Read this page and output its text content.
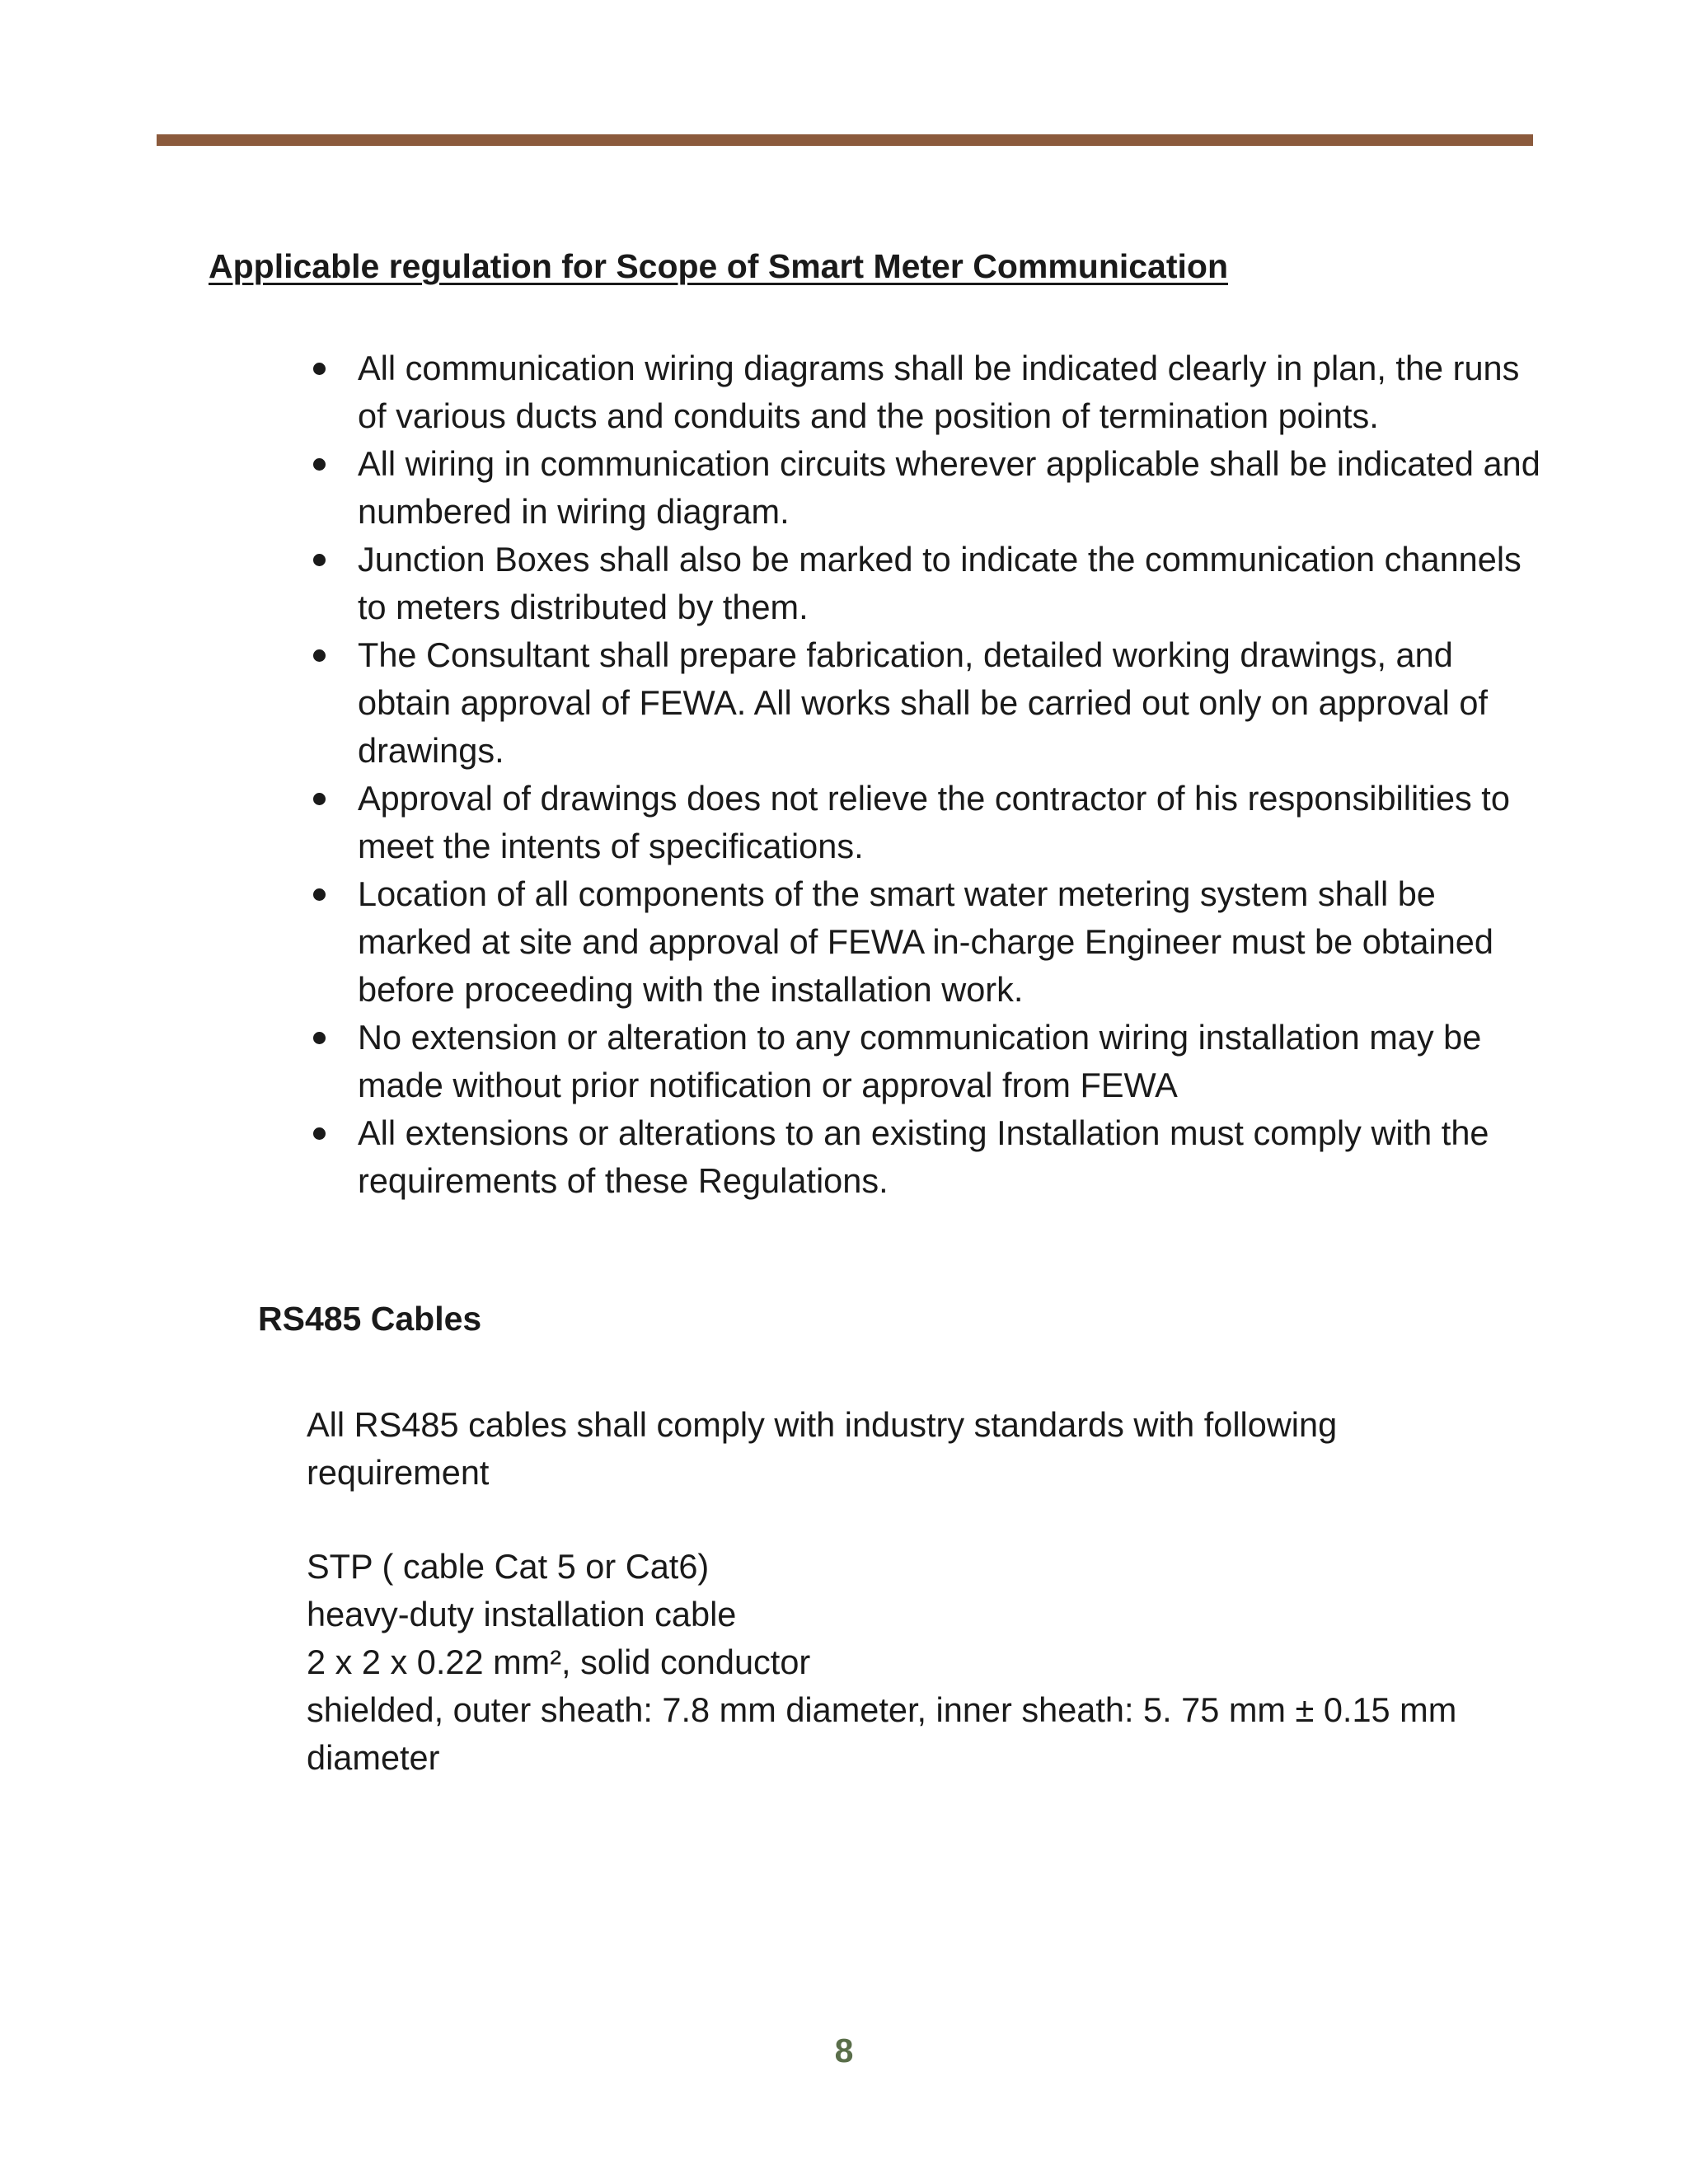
Applicable regulation for Scope of Smart Meter Communication
All communication wiring diagrams shall be indicated clearly in plan, the runs of various ducts and conduits and the position of termination points.
All wiring in communication circuits wherever applicable shall be indicated and numbered in wiring diagram.
Junction Boxes shall also be marked to indicate the communication channels to meters distributed by them.
The Consultant shall prepare fabrication, detailed working drawings, and obtain approval of FEWA. All works shall be carried out only on approval of drawings.
Approval of drawings does not relieve the contractor of his responsibilities to meet the intents of specifications.
Location of all components of the smart water metering system shall be marked at site and approval of FEWA in-charge Engineer must be obtained before proceeding with the installation work.
No extension or alteration to any communication wiring installation may be made without prior notification or approval from FEWA
All extensions or alterations to an existing Installation must comply with the requirements of these Regulations.
RS485 Cables

All RS485 cables shall comply with industry standards with following requirement

STP ( cable Cat 5 or Cat6)
heavy-duty installation cable
2 x 2 x 0.22 mm², solid conductor
shielded, outer sheath: 7.8 mm diameter, inner sheath: 5. 75 mm ± 0.15 mm diameter
8
